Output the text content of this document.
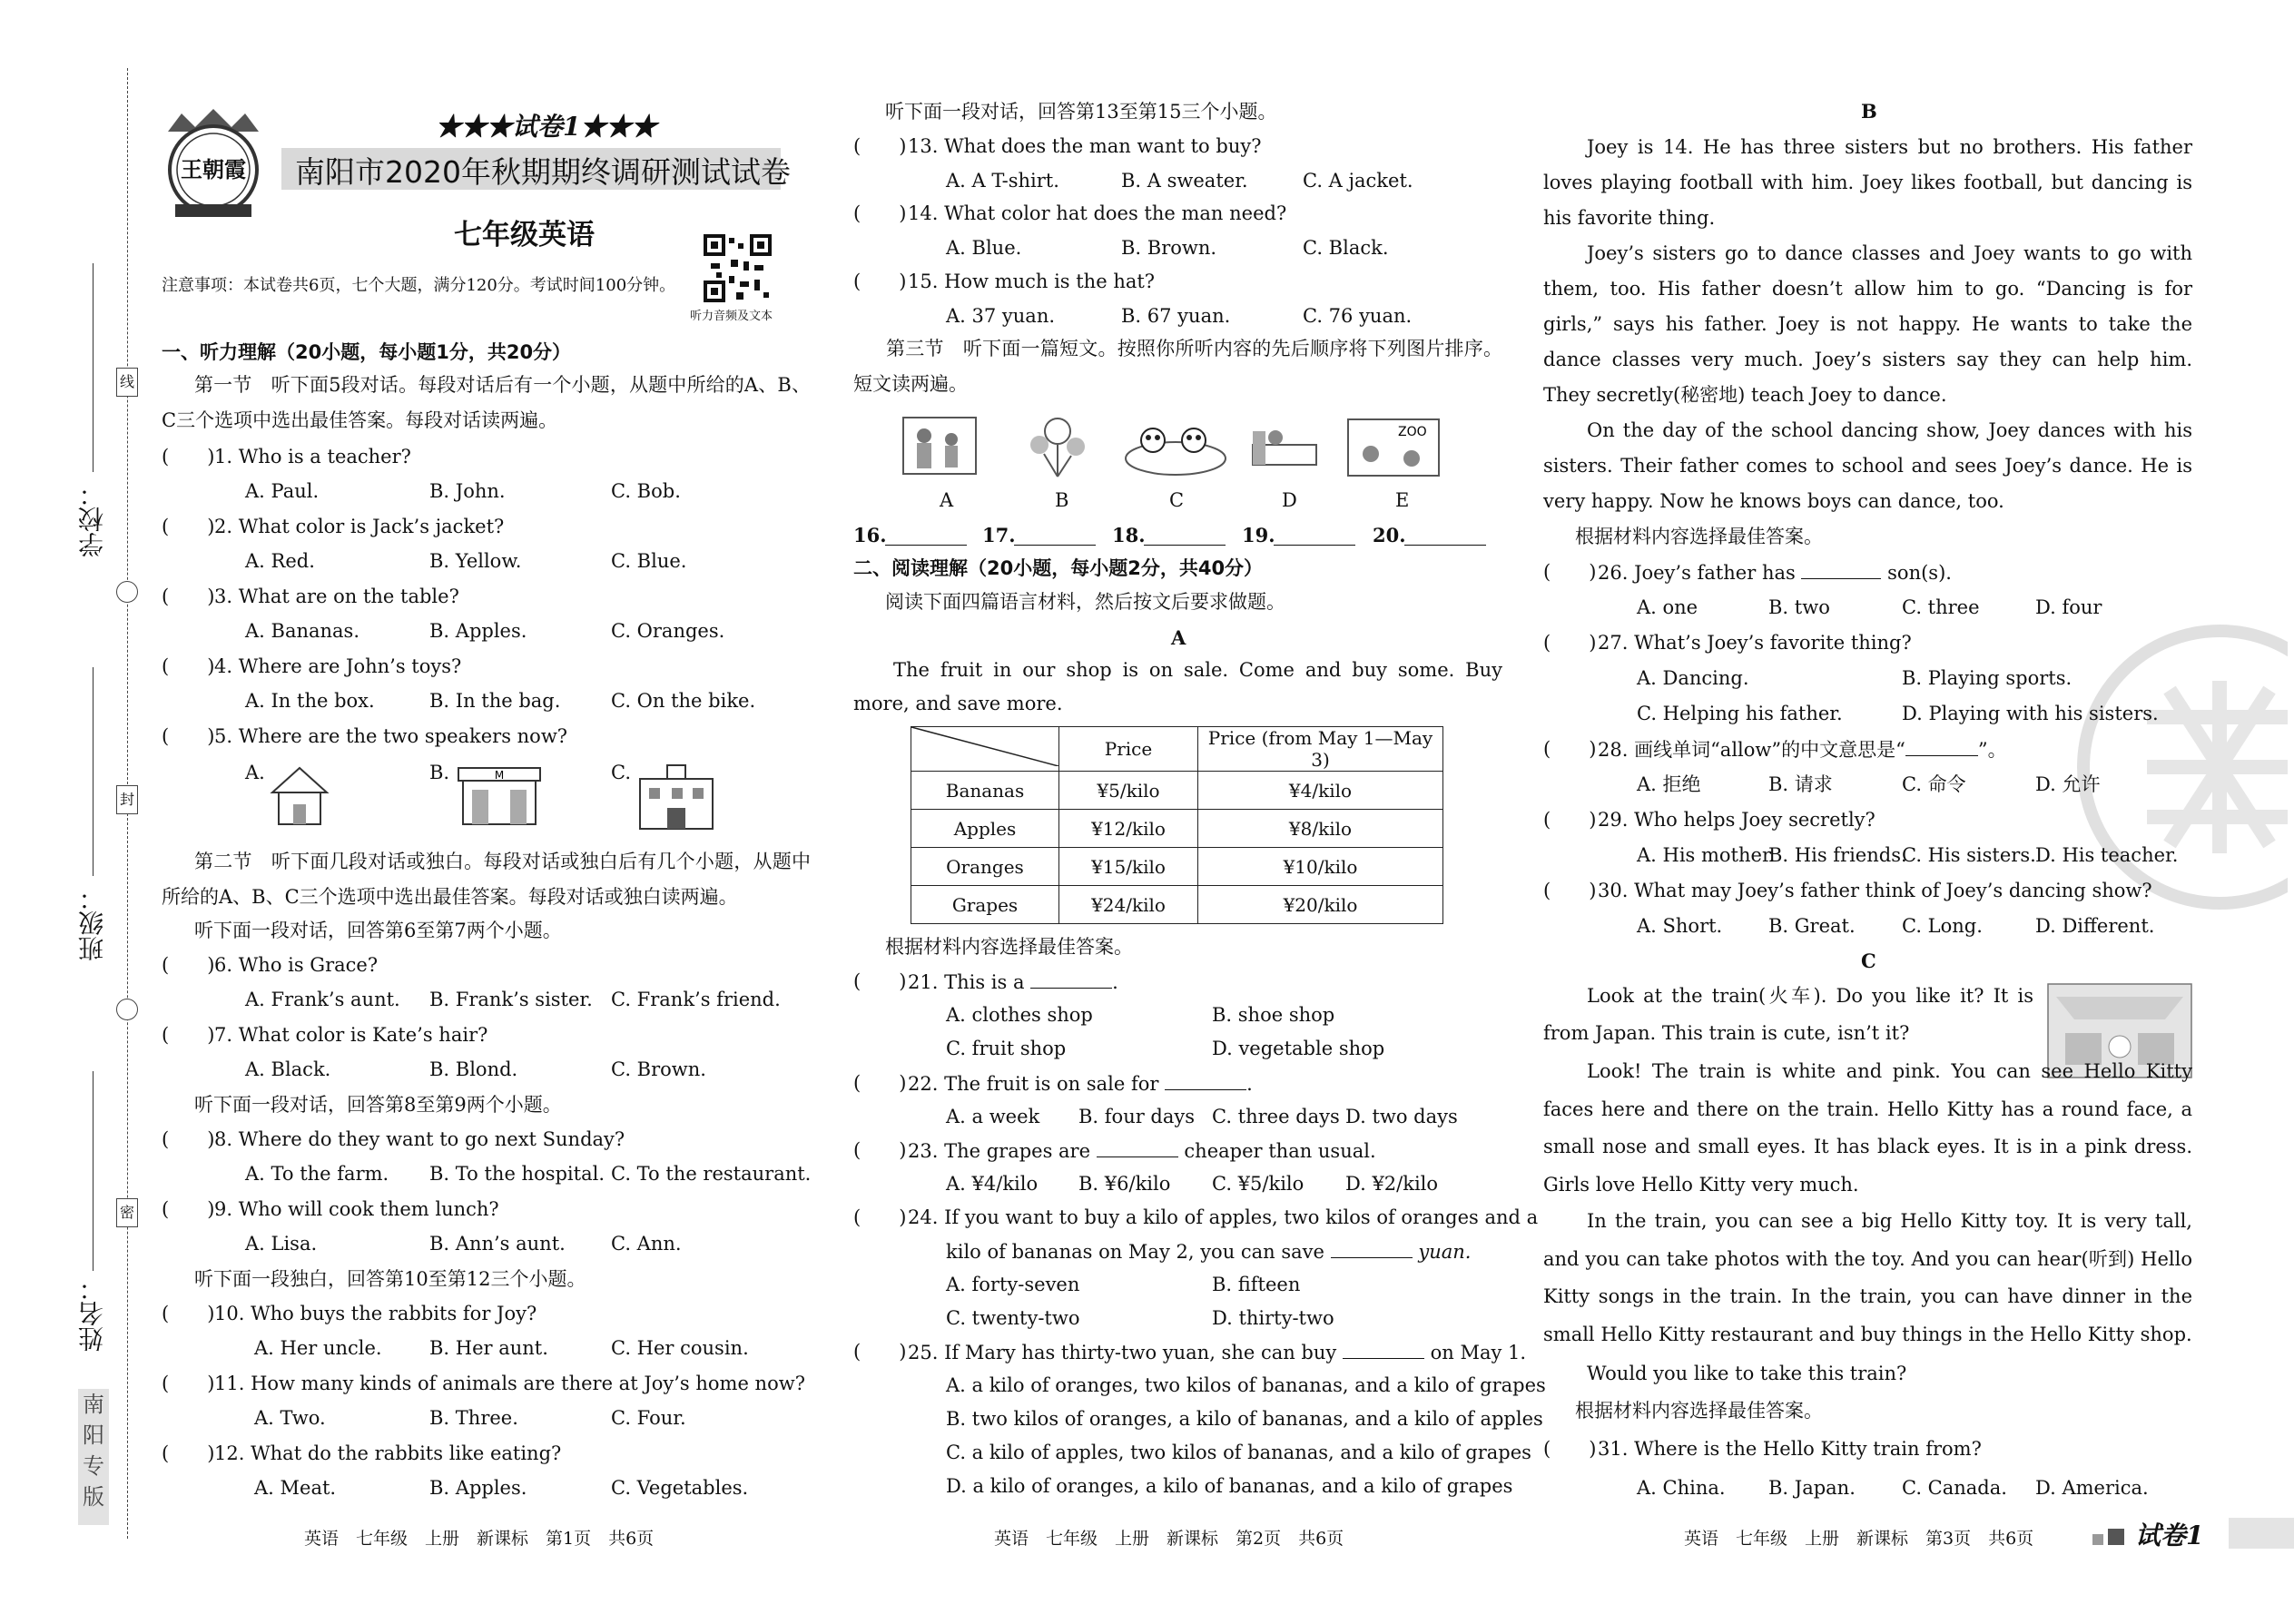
线
封
密
学校：
班级：
姓名：
南阳专版
王朝霞
★★★试卷1★★★
南阳市2020年秋期期终调研测试试卷
七年级英语
听力音频及文本
注意事项：本试卷共6页，七个大题，满分120分。考试时间100分钟。
一、听力理解（20小题，每小题1分，共20分）
第一节　听下面5段对话。每段对话后有一个小题，从题中所给的A、B、C三个选项中选出最佳答案。每段对话读两遍。
(　　) 1. Who is a teacher?
A. Paul.	B. John.	C. Bob.
(　　) 2. What color is Jack’s jacket?
A. Red.	B. Yellow.	C. Blue.
(　　) 3. What are on the table?
A. Bananas.	B. Apples.	C. Oranges.
(　　) 4. Where are John’s toys?
A. In the box.	B. In the bag.	C. On the bike.
(　　) 5. Where are the two speakers now?
A.	B.	C.
M
第二节　听下面几段对话或独白。每段对话或独白后有几个小题，从题中所给的A、B、C三个选项中选出最佳答案。每段对话或独白读两遍。
听下面一段对话，回答第6至第7两个小题。
(　　) 6. Who is Grace?
A. Frank’s aunt. B. Frank’s sister. C. Frank’s friend.
(　　) 7. What color is Kate’s hair?
A. Black.	B. Blond.	C. Brown.
听下面一段对话，回答第8至第9两个小题。
(　　) 8. Where do they want to go next Sunday?
A. To the farm. B. To the hospital. C. To the restaurant.
(　　) 9. Who will cook them lunch?
A. Lisa.	B. Ann’s aunt. C. Ann.
听下面一段独白，回答第10至第12三个小题。
(　　) 10. Who buys the rabbits for Joy?
A. Her uncle. B. Her aunt.	C. Her cousin.
(　　) 11. How many kinds of animals are there at Joy’s home now?
A. Two.	B. Three.	C. Four.
(　　) 12. What do the rabbits like eating?
A. Meat.	B. Apples.	C. Vegetables.
听下面一段对话，回答第13至第15三个小题。
(　　) 13. What does the man want to buy?
A. A T-shirt.	B. A sweater.	C. A jacket.
(　　) 14. What color hat does the man need?
A. Blue.	B. Brown.	C. Black.
(　　) 15. How much is the hat?
A. 37 yuan.	B. 67 yuan.	C. 76 yuan.
第三节　听下面一篇短文。按照你所听内容的先后顺序将下列图片排序。短文读两遍。
ZOO
A	B	C	D	E
16.	17.	18.	19.	20.
二、阅读理解（20小题，每小题2分，共40分）
阅读下面四篇语言材料，然后按文后要求做题。
A
The fruit in our shop is on sale. Come and buy some. Buy more, and save more.
	Price	Price (from May 1—May 3)
Bananas	¥5/kilo	¥4/kilo
Apples	¥12/kilo	¥8/kilo
Oranges	¥15/kilo	¥10/kilo
Grapes	¥24/kilo	¥20/kilo
根据材料内容选择最佳答案。
(　　) 21. This is a	.
A. clothes shop	B. shoe shop
C. fruit shop	D. vegetable shop
(　　) 22. The fruit is on sale for	.
A. a week B. four days C. three days D. two days
(　　) 23. The grapes are	cheaper than usual.
A. ¥4/kilo B. ¥6/kilo C. ¥5/kilo D. ¥2/kilo
(　　) 24. If you want to buy a kilo of apples, two kilos of oranges and a
kilo of bananas on May 2, you can save	yuan.
A. forty-seven	B. fifteen
C. twenty-two	D. thirty-two
(　　) 25. If Mary has thirty-two yuan, she can buy	on May 1.
A. a kilo of oranges, two kilos of bananas, and a kilo of grapes
B. two kilos of oranges, a kilo of bananas, and a kilo of apples
C. a kilo of apples, two kilos of bananas, and a kilo of grapes
D. a kilo of oranges, a kilo of bananas, and a kilo of grapes
B
Joey is 14. He has three sisters but no brothers. His father loves playing football with him. Joey likes football, but dancing is his favorite thing.
Joey’s sisters go to dance classes and Joey wants to go with them, too. His father doesn’t allow him to go. “Dancing is for girls,” says his father. Joey is not happy. He wants to take the dance classes very much. Joey’s sisters say they can help him. They secretly(秘密地) teach Joey to dance.
On the day of the school dancing show, Joey dances with his sisters. Their father comes to school and sees Joey’s dance. He is very happy. Now he knows boys can dance, too.
根据材料内容选择最佳答案。
(　　) 26. Joey’s father has	son(s).
A. one	B. two	C. three	D. four
(　　) 27. What’s Joey’s favorite thing?
A. Dancing.	B. Playing sports.
C. Helping his father.	D. Playing with his sisters.
(　　) 28. 画线单词“allow”的中文意思是“	”。
A. 拒绝	B. 请求	C. 命令	D. 允许
(　　) 29. Who helps Joey secretly?
A. His mother.
B. His friends.
C. His sisters. D. His teacher.
(　　) 30. What may Joey’s father think of Joey’s dancing show?
A. Short. B. Great. C. Long.	D. Different.
C
Look at the train(火车). Do you like it? It is from Japan. This train is cute, isn’t it?
Look! The train is white and pink. You can see Hello Kitty faces here and there on the train. Hello Kitty has a round face, a small nose and small eyes. It has black eyes. It is in a pink dress. Girls love Hello Kitty very much.
In the train, you can see a big Hello Kitty toy. It is very tall, and you can take photos with the toy. And you can hear(听到) Hello Kitty songs in the train. In the train, you can have dinner in the small Hello Kitty restaurant and buy things in the Hello Kitty shop.
Would you like to take this train?
根据材料内容选择最佳答案。
(　　) 31. Where is the Hello Kitty train from?
A. China. B. Japan. C. Canada. D. America.
英语　七年级　上册　新课标　第1页　共6页	英语　七年级　上册　新课标　第2页　共6页	英语　七年级　上册　新课标　第3页　共6页	试卷1
